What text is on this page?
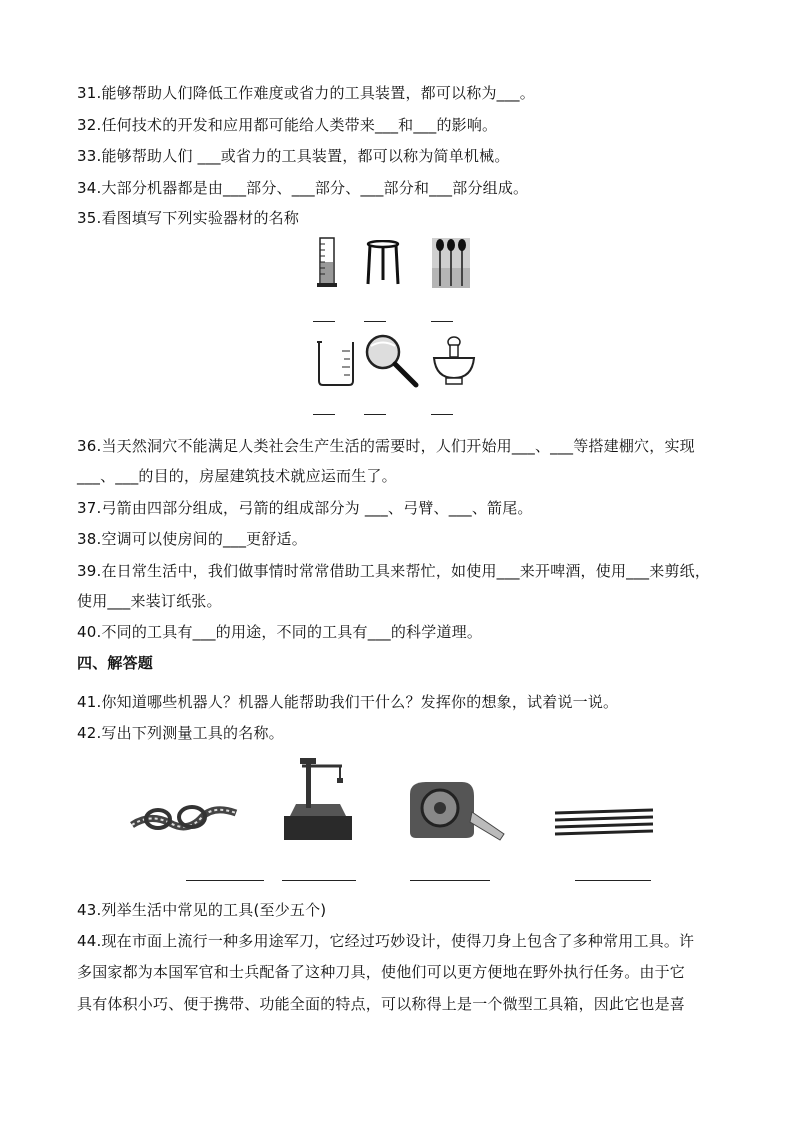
31.能够帮助人们降低工作难度或省力的工具装置，都可以称为___。
32.任何技术的开发和应用都可能给人类带来___和___的影响。
33.能够帮助人们 ___或省力的工具装置，都可以称为简单机械。
34.大部分机器都是由___部分、___部分、___部分和___部分组成。
35.看图填写下列实验器材的名称
36.当天然洞穴不能满足人类社会生产生活的需要时，人们开始用___、___等搭建棚穴，实现
___、___的目的，房屋建筑技术就应运而生了。
37.弓箭由四部分组成，弓箭的组成部分为 ___、弓臂、___、箭尾。
38.空调可以使房间的___更舒适。
39.在日常生活中，我们做事情时常常借助工具来帮忙，如使用___来开啤酒，使用___来剪纸，
使用___来装订纸张。
40.不同的工具有___的用途，不同的工具有___的科学道理。
四、解答题
41.你知道哪些机器人？机器人能帮助我们干什么？发挥你的想象，试着说一说。
42.写出下列测量工具的名称。
43.列举生活中常见的工具(至少五个)
44.现在市面上流行一种多用途军刀，它经过巧妙设计，使得刀身上包含了多种常用工具。许
多国家都为本国军官和士兵配备了这种刀具，使他们可以更方便地在野外执行任务。由于它
具有体积小巧、便于携带、功能全面的特点，可以称得上是一个微型工具箱，因此它也是喜
